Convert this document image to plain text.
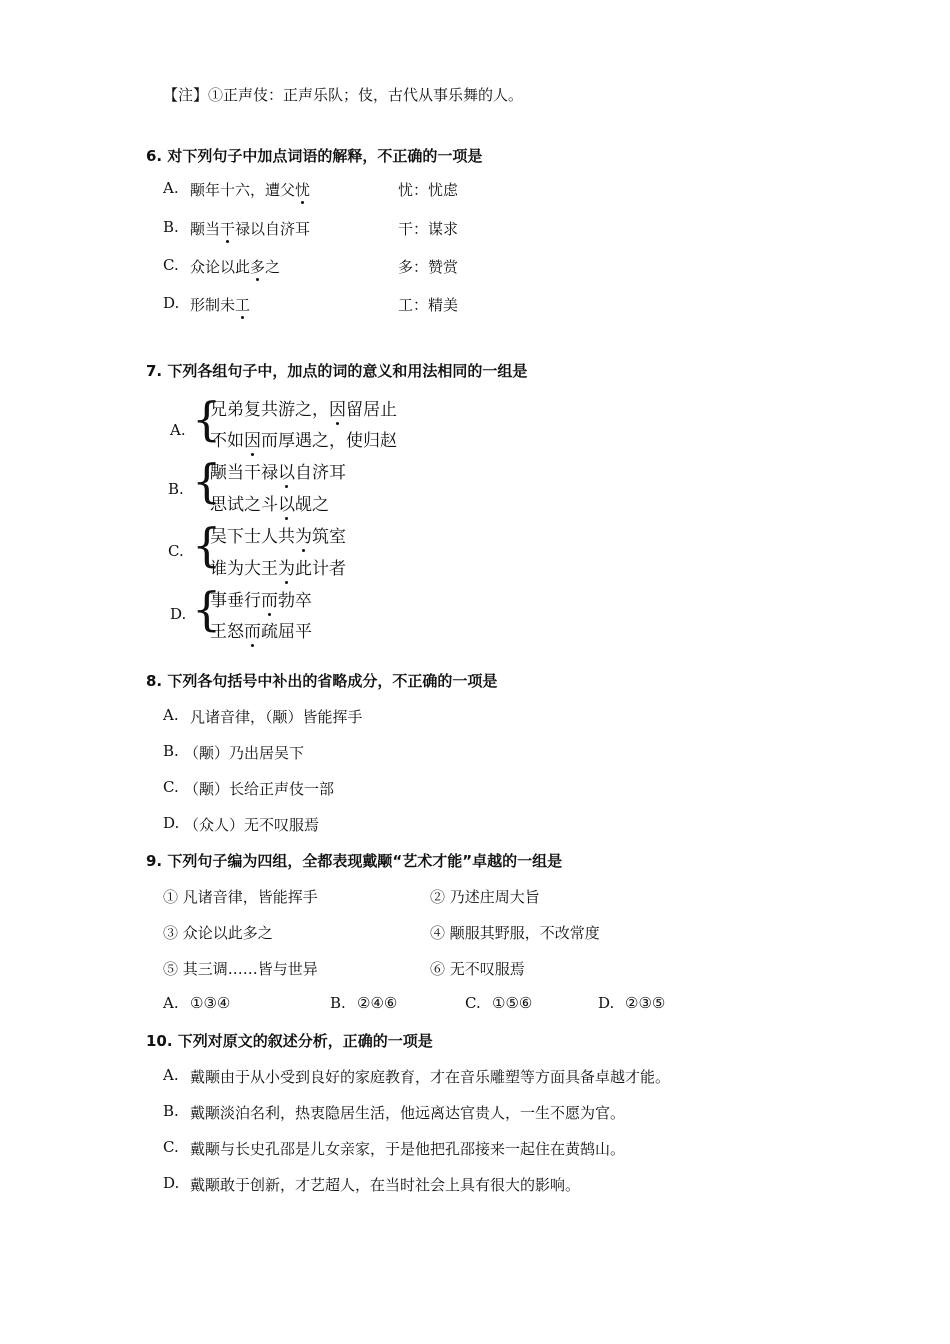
【注】①正声伎：正声乐队；伎，古代从事乐舞的人。
6. 对下列句子中加点词语的解释，不正确的一项是
A. 颙年十六，遭父忧	忧：忧虑
B. 颙当干禄以自济耳	干：谋求
C. 众论以此多之	多：赞赏
D. 形制未工	工：精美
7. 下列各组句子中，加点的词的意义和用法相同的一组是
A. {
兄弟复共游之，因留居止
不如因而厚遇之，使归赵
B. {
颙当干禄以自济耳
思试之斗以觇之
C. {
吴下士人共为筑室
谁为大王为此计者
D. {
事垂行而勃卒
王怒而疏屈平
8. 下列各句括号中补出的省略成分，不正确的一项是
A. 凡诸音律，（颙）皆能挥手
B. （颙）乃出居吴下
C. （颙）长给正声伎一部
D. （众人）无不叹服焉
9. 下列句子编为四组，全都表现戴颙“艺术才能”卓越的一组是
① 凡诸音律，皆能挥手	② 乃述庄周大旨
③ 众论以此多之	④ 颙服其野服，不改常度
⑤ 其三调……皆与世异	⑥ 无不叹服焉
A. ①③④	B. ②④⑥	C. ①⑤⑥	D. ②③⑤
10. 下列对原文的叙述分析，正确的一项是
A. 戴颙由于从小受到良好的家庭教育，才在音乐雕塑等方面具备卓越才能。
B. 戴颙淡泊名利，热衷隐居生活，他远离达官贵人，一生不愿为官。
C. 戴颙与长史孔邵是儿女亲家，于是他把孔邵接来一起住在黄鹄山。
D. 戴颙敢于创新，才艺超人，在当时社会上具有很大的影响。
